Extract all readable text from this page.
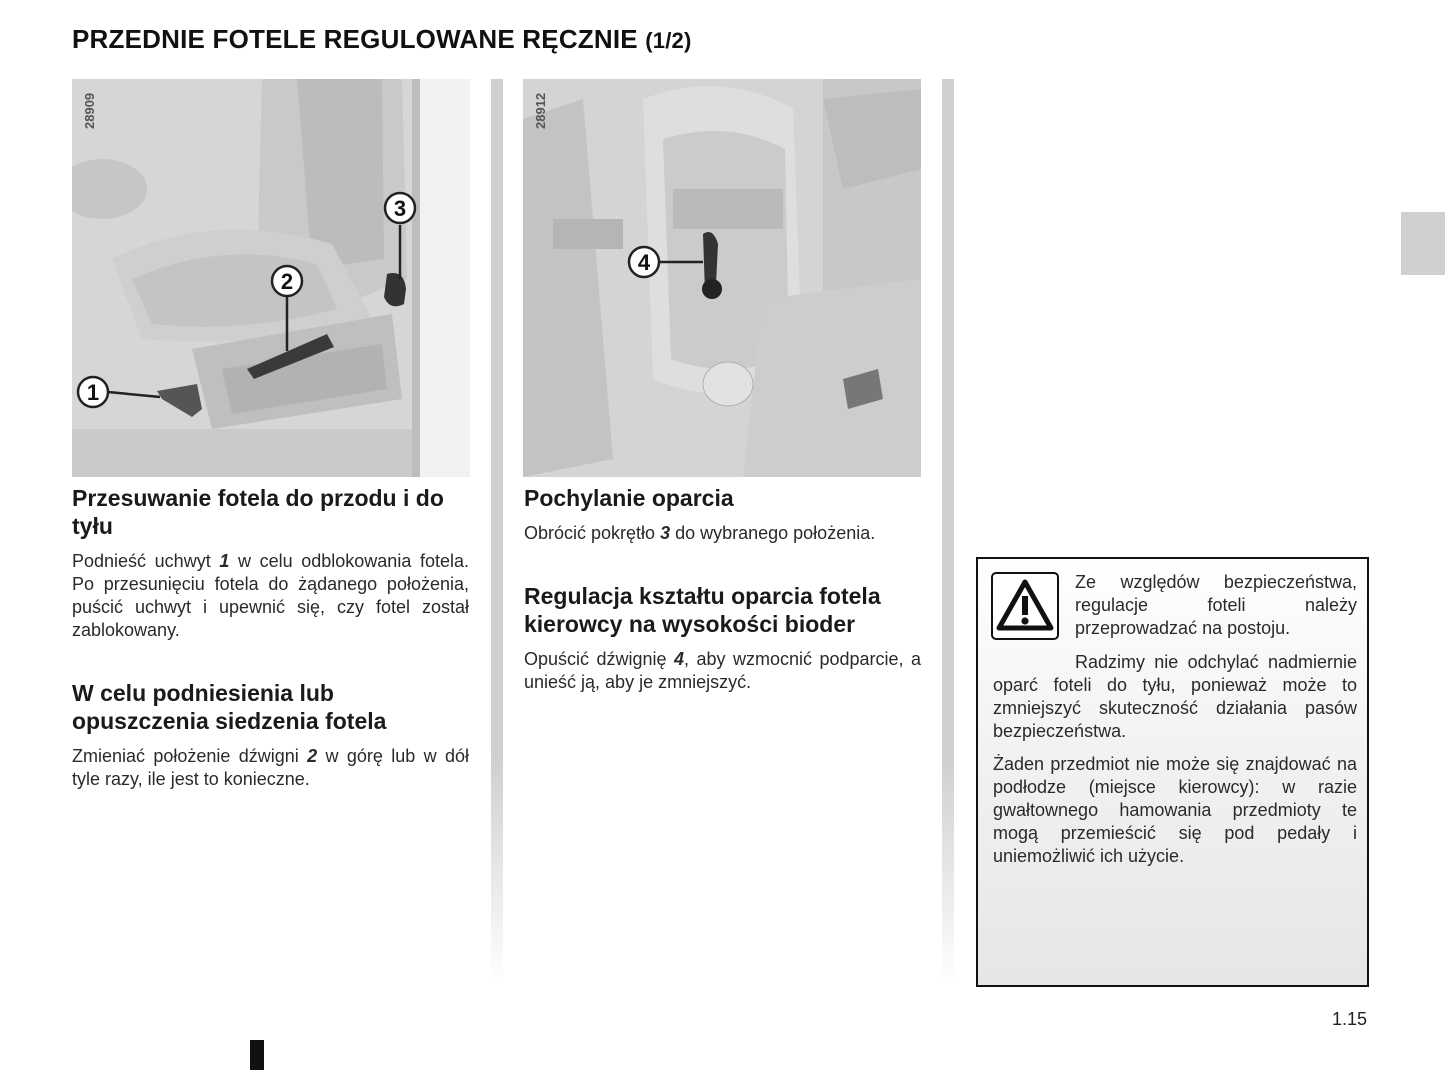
PRZEDNIE FOTELE REGULOWANE RĘCZNIE (1/2)
28909
1
2
3
28912
4
Przesuwanie fotela do przodu i do tyłu

Podnieść uchwyt 1 w celu odblokowania fotela. Po przesunięciu fotela do żądanego położenia, puścić uchwyt i upewnić się, czy fotel został zablokowany.

W celu podniesienia lub opuszczenia siedzenia fotela

Zmieniać położenie dźwigni 2 w górę lub w dół tyle razy, ile jest to konieczne.

Pochylanie oparcia

Obrócić pokrętło 3 do wybranego położenia.

Regulacja kształtu oparcia fotela kierowcy na wysokości bioder

Opuścić dźwignię 4, aby wzmocnić podparcie, a unieść ją, aby je zmniejszyć.

Ze względów bezpieczeństwa, regulacje foteli należy przeprowadzać na postoju.

Radzimy nie odchylać nadmiernie oparć foteli do tyłu, ponieważ może to zmniejszyć skuteczność działania pasów bezpieczeństwa.

Żaden przedmiot nie może się znajdować na podłodze (miejsce kierowcy): w razie gwałtownego hamowania przedmioty te mogą przemieścić się pod pedały i uniemożliwić ich użycie.

1.15
